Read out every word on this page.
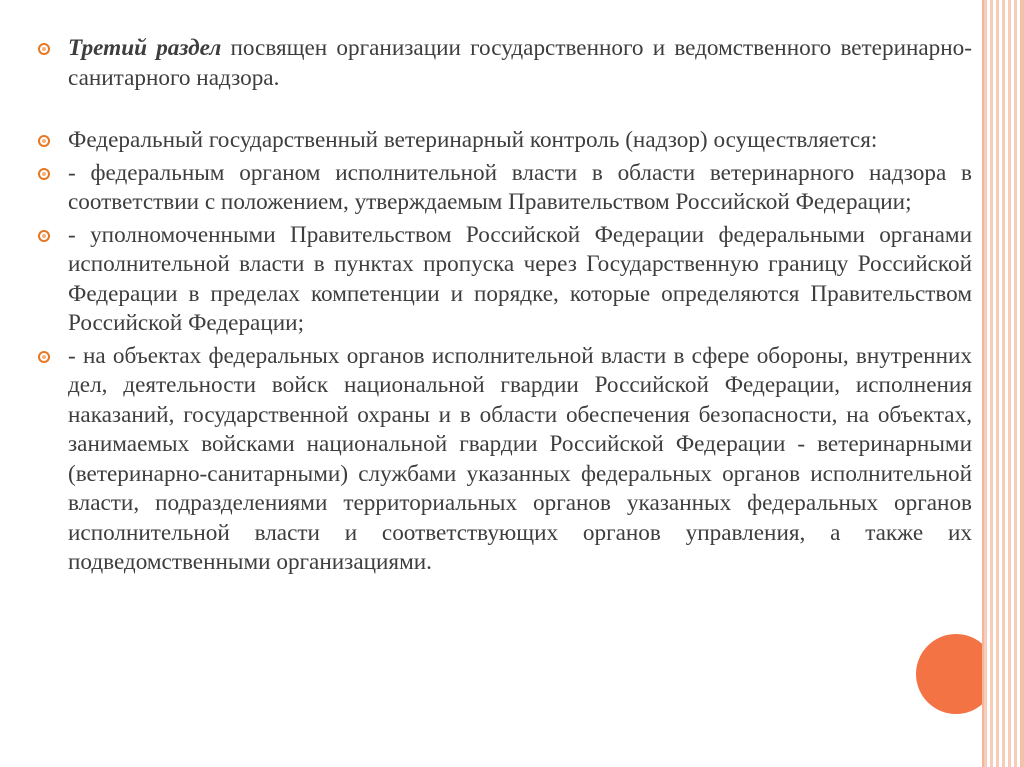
Третий раздел посвящен организации государственного и ведомственного ветеринарно-санитарного надзора.
Федеральный государственный ветеринарный контроль (надзор) осуществляется:
- федеральным органом исполнительной власти в области ветеринарного надзора в соответствии с положением, утверждаемым Правительством Российской Федерации;
- уполномоченными Правительством Российской Федерации федеральными органами исполнительной власти в пунктах пропуска через Государственную границу Российской Федерации в пределах компетенции и порядке, которые определяются Правительством Российской Федерации;
- на объектах федеральных органов исполнительной власти в сфере обороны, внутренних дел, деятельности войск национальной гвардии Российской Федерации, исполнения наказаний, государственной охраны и в области обеспечения безопасности, на объектах, занимаемых войсками национальной гвардии Российской Федерации - ветеринарными (ветеринарно-санитарными) службами указанных федеральных органов исполнительной власти, подразделениями территориальных органов указанных федеральных органов исполнительной власти и соответствующих органов управления, а также их подведомственными организациями.
